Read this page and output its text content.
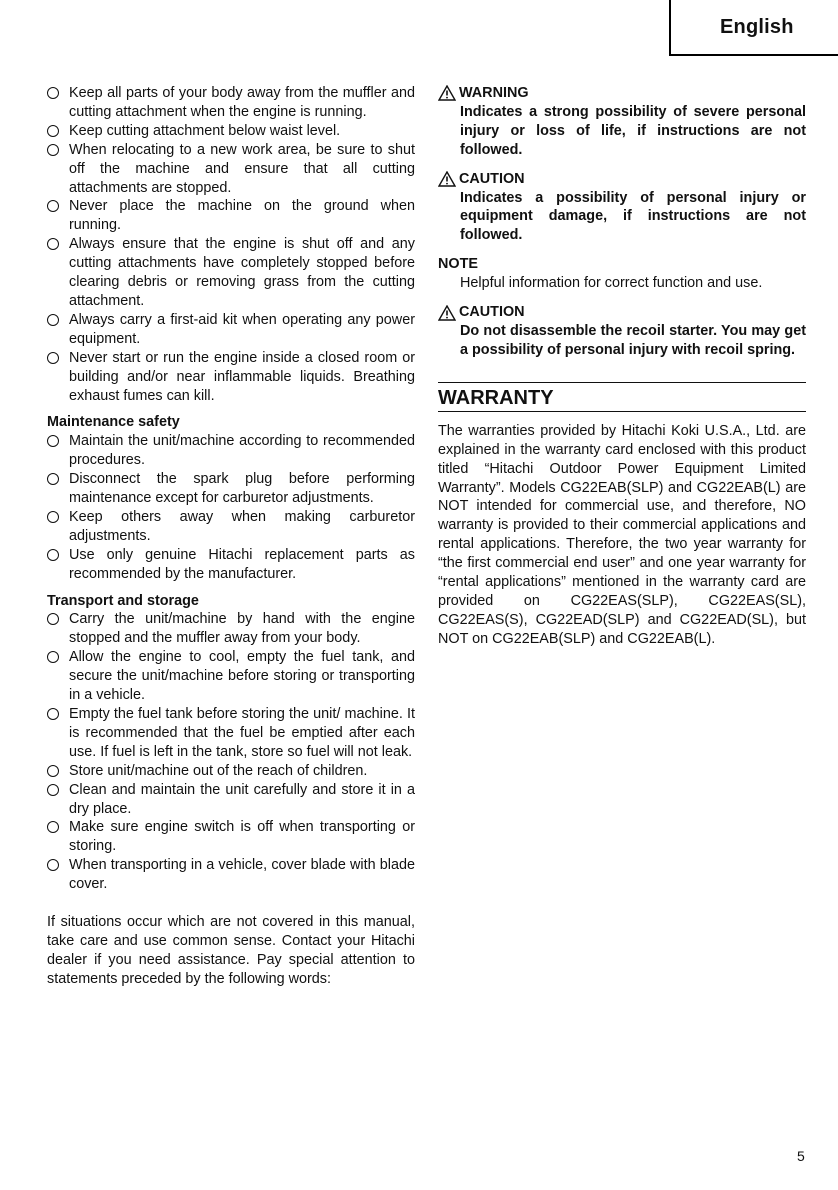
English
Keep all parts of your body away from the muffler and cutting attachment when the engine is running.
Keep cutting attachment below waist level.
When relocating to a new work area, be sure to shut off the machine and ensure that all cutting attachments are stopped.
Never place the machine on the ground when running.
Always ensure that the engine is shut off and any cutting attachments have completely stopped before clearing debris or removing grass from the cutting attachment.
Always carry a first-aid kit when operating any power equipment.
Never start or run the engine inside a closed room or building and/or near inflammable liquids. Breathing exhaust fumes can kill.
Maintenance safety
Maintain the unit/machine according to recommended procedures.
Disconnect the spark plug before performing maintenance except for carburetor adjustments.
Keep others away when making carburetor adjustments.
Use only genuine Hitachi replacement parts as recommended by the manufacturer.
Transport and storage
Carry the unit/machine by hand with the engine stopped and the muffler away from your body.
Allow the engine to cool, empty the fuel tank, and secure the unit/machine before storing or transporting in a vehicle.
Empty the fuel tank before storing the unit/ machine. It is recommended that the fuel be emptied after each use. If fuel is left in the tank, store so fuel will not leak.
Store unit/machine out of the reach of children.
Clean and maintain the unit carefully and store it in a dry place.
Make sure engine switch is off when transporting or storing.
When transporting in a vehicle, cover blade with blade cover.
If situations occur which are not covered in this manual, take care and use common sense. Contact your Hitachi dealer if you need assistance. Pay special attention to statements preceded by the following words:
WARNING
Indicates a strong possibility of severe personal injury or loss of life, if instructions are not followed.
CAUTION
Indicates a possibility of personal injury or equipment damage, if instructions are not followed.
NOTE
Helpful information for correct function and use.
CAUTION
Do not disassemble the recoil starter. You may get a possibility of personal injury with recoil spring.
WARRANTY
The warranties provided by Hitachi Koki U.S.A., Ltd. are explained in the warranty card enclosed with this product titled “Hitachi Outdoor Power Equipment Limited Warranty”. Models CG22EAB(SLP) and CG22EAB(L) are NOT intended for commercial use, and therefore, NO warranty is provided to their commercial applications and rental applications. Therefore, the two year warranty for “the first commercial end user” and one year warranty for “rental applications” mentioned in the warranty card are provided on CG22EAS(SLP), CG22EAS(SL), CG22EAS(S), CG22EAD(SLP) and CG22EAD(SL), but NOT on CG22EAB(SLP) and CG22EAB(L).
5
